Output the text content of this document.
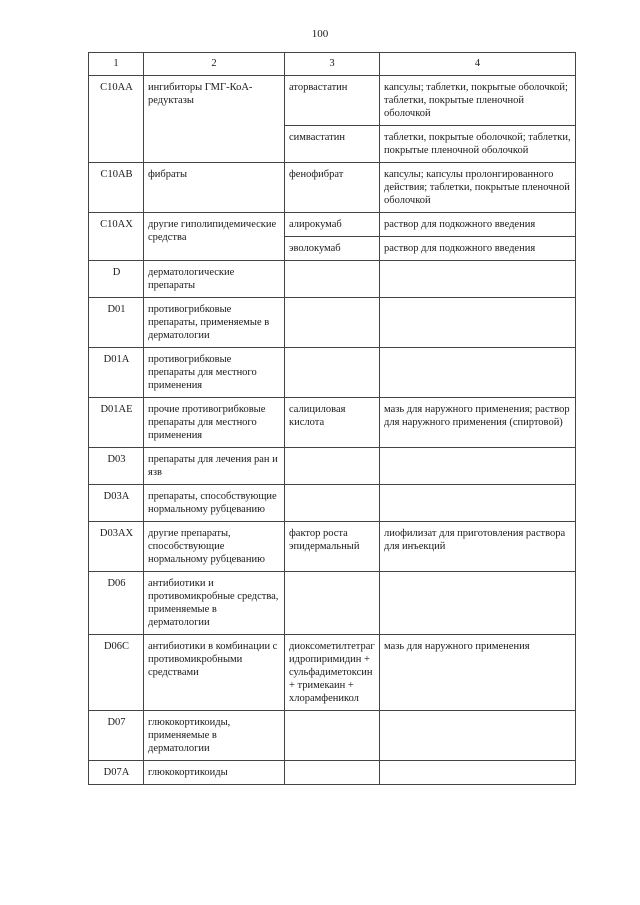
100
1	2	3	4
C10AA	ингибиторы ГМГ-КоА-редуктазы	аторвастатин	капсулы; таблетки, покрытые оболочкой; таблетки, покрытые пленочной оболочкой
		симвастатин	таблетки, покрытые оболочкой; таблетки, покрытые пленочной оболочкой
C10AB	фибраты	фенофибрат	капсулы; капсулы пролонгированного действия; таблетки, покрытые пленочной оболочкой
C10AX	другие гиполипидемические средства	алирокумаб	раствор для подкожного введения
		эволокумаб	раствор для подкожного введения
D	дерматологические препараты		
D01	противогрибковые препараты, применяемые в дерматологии		
D01A	противогрибковые препараты для местного применения		
D01AE	прочие противогрибковые препараты для местного применения	салициловая кислота	мазь для наружного применения; раствор для наружного применения (спиртовой)
D03	препараты для лечения ран и язв		
D03A	препараты, способствующие нормальному рубцеванию		
D03AX	другие препараты, способствующие нормальному рубцеванию	фактор роста эпидермальный	лиофилизат для приготовления раствора для инъекций
D06	антибиотики и противомикробные средства, применяемые в дерматологии		
D06C	антибиотики в комбинации с противомикробными средствами	диоксометилтетрагидропиримидин + сульфадиметоксин + тримекаин + хлорамфеникол	мазь для наружного применения
D07	глюкокортикоиды, применяемые в дерматологии		
D07A	глюкокортикоиды		
